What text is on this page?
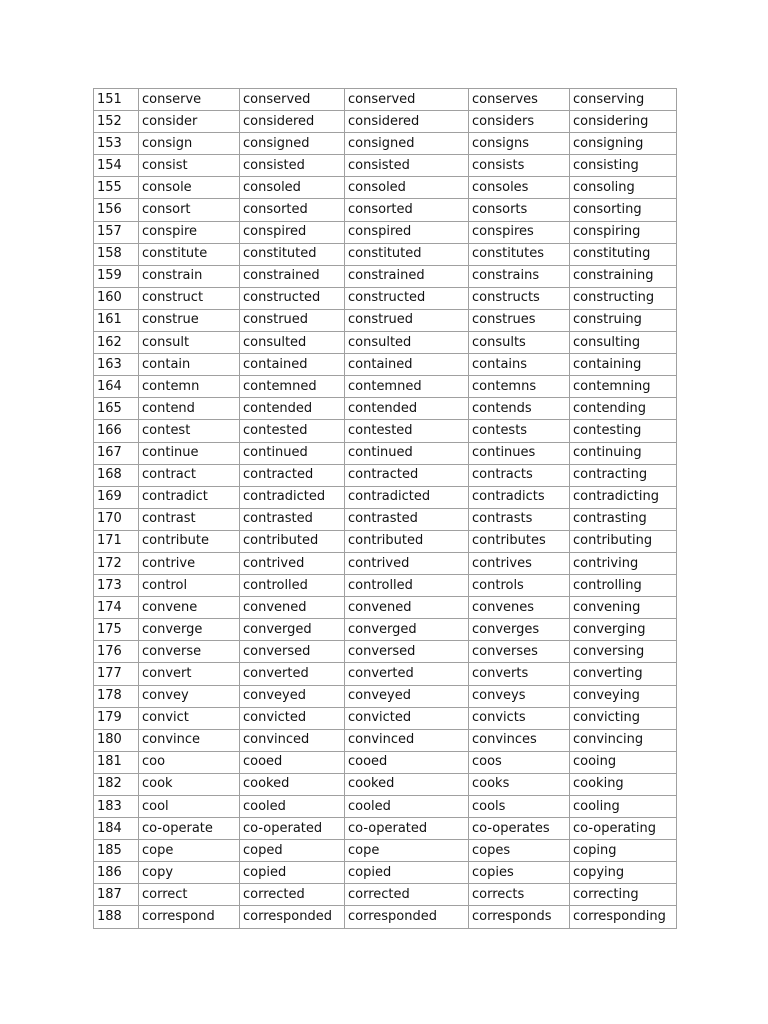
151	conserve	conserved	conserved	conserves	conserving
152	consider	considered	considered	considers	considering
153	consign	consigned	consigned	consigns	consigning
154	consist	consisted	consisted	consists	consisting
155	console	consoled	consoled	consoles	consoling
156	consort	consorted	consorted	consorts	consorting
157	conspire	conspired	conspired	conspires	conspiring
158	constitute	constituted	constituted	constitutes	constituting
159	constrain	constrained	constrained	constrains	constraining
160	construct	constructed	constructed	constructs	constructing
161	construe	construed	construed	construes	construing
162	consult	consulted	consulted	consults	consulting
163	contain	contained	contained	contains	containing
164	contemn	contemned	contemned	contemns	contemning
165	contend	contended	contended	contends	contending
166	contest	contested	contested	contests	contesting
167	continue	continued	continued	continues	continuing
168	contract	contracted	contracted	contracts	contracting
169	contradict	contradicted	contradicted	contradicts	contradicting
170	contrast	contrasted	contrasted	contrasts	contrasting
171	contribute	contributed	contributed	contributes	contributing
172	contrive	contrived	contrived	contrives	contriving
173	control	controlled	controlled	controls	controlling
174	convene	convened	convened	convenes	convening
175	converge	converged	converged	converges	converging
176	converse	conversed	conversed	converses	conversing
177	convert	converted	converted	converts	converting
178	convey	conveyed	conveyed	conveys	conveying
179	convict	convicted	convicted	convicts	convicting
180	convince	convinced	convinced	convinces	convincing
181	coo	cooed	cooed	coos	cooing
182	cook	cooked	cooked	cooks	cooking
183	cool	cooled	cooled	cools	cooling
184	co-operate	co-operated	co-operated	co-operates	co-operating
185	cope	coped	cope	copes	coping
186	copy	copied	copied	copies	copying
187	correct	corrected	corrected	corrects	correcting
188	correspond	corresponded	corresponded	corresponds	corresponding
